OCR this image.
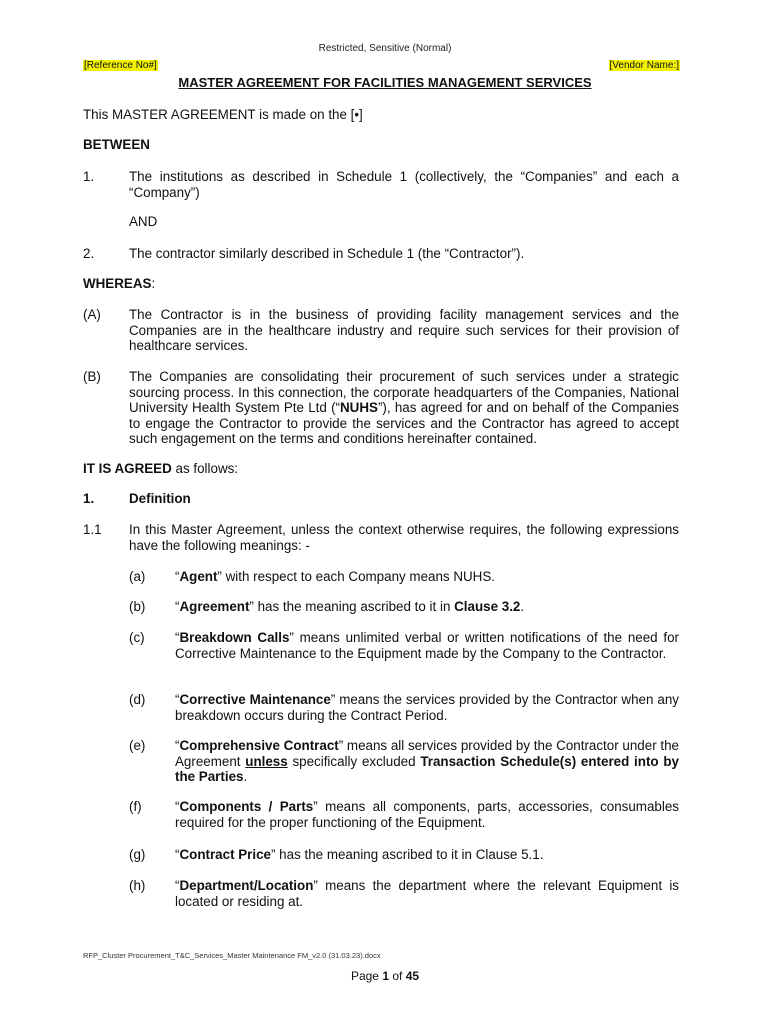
Restricted, Sensitive (Normal)
[Reference No#]	[Vendor Name:]
MASTER AGREEMENT FOR FACILITIES MANAGEMENT SERVICES
This MASTER AGREEMENT is made on the [•]
BETWEEN
1.	The institutions as described in Schedule 1 (collectively, the “Companies” and each a “Company”)
AND
2.	The contractor similarly described in Schedule 1 (the “Contractor”).
WHEREAS:
(A) The Contractor is in the business of providing facility management services and the Companies are in the healthcare industry and require such services for their provision of healthcare services.
(B) The Companies are consolidating their procurement of such services under a strategic sourcing process. In this connection, the corporate headquarters of the Companies, National University Health System Pte Ltd (“NUHS”), has agreed for and on behalf of the Companies to engage the Contractor to provide the services and the Contractor has agreed to accept such engagement on the terms and conditions hereinafter contained.
IT IS AGREED as follows:
1.	Definition
1.1 In this Master Agreement, unless the context otherwise requires, the following expressions have the following meanings: -
(a) “Agent” with respect to each Company means NUHS.
(b) “Agreement” has the meaning ascribed to it in Clause 3.2.
(c) “Breakdown Calls” means unlimited verbal or written notifications of the need for Corrective Maintenance to the Equipment made by the Company to the Contractor.
(d) “Corrective Maintenance” means the services provided by the Contractor when any breakdown occurs during the Contract Period.
(e) “Comprehensive Contract” means all services provided by the Contractor under the Agreement unless specifically excluded Transaction Schedule(s) entered into by the Parties.
(f) “Components / Parts” means all components, parts, accessories, consumables required for the proper functioning of the Equipment.
(g) “Contract Price” has the meaning ascribed to it in Clause 5.1.
(h) “Department/Location” means the department where the relevant Equipment is located or residing at.
RFP_Cluster Procurement_T&C_Services_Master Maintenance FM_v2.0 (31.03.23).docx
Page 1 of 45
